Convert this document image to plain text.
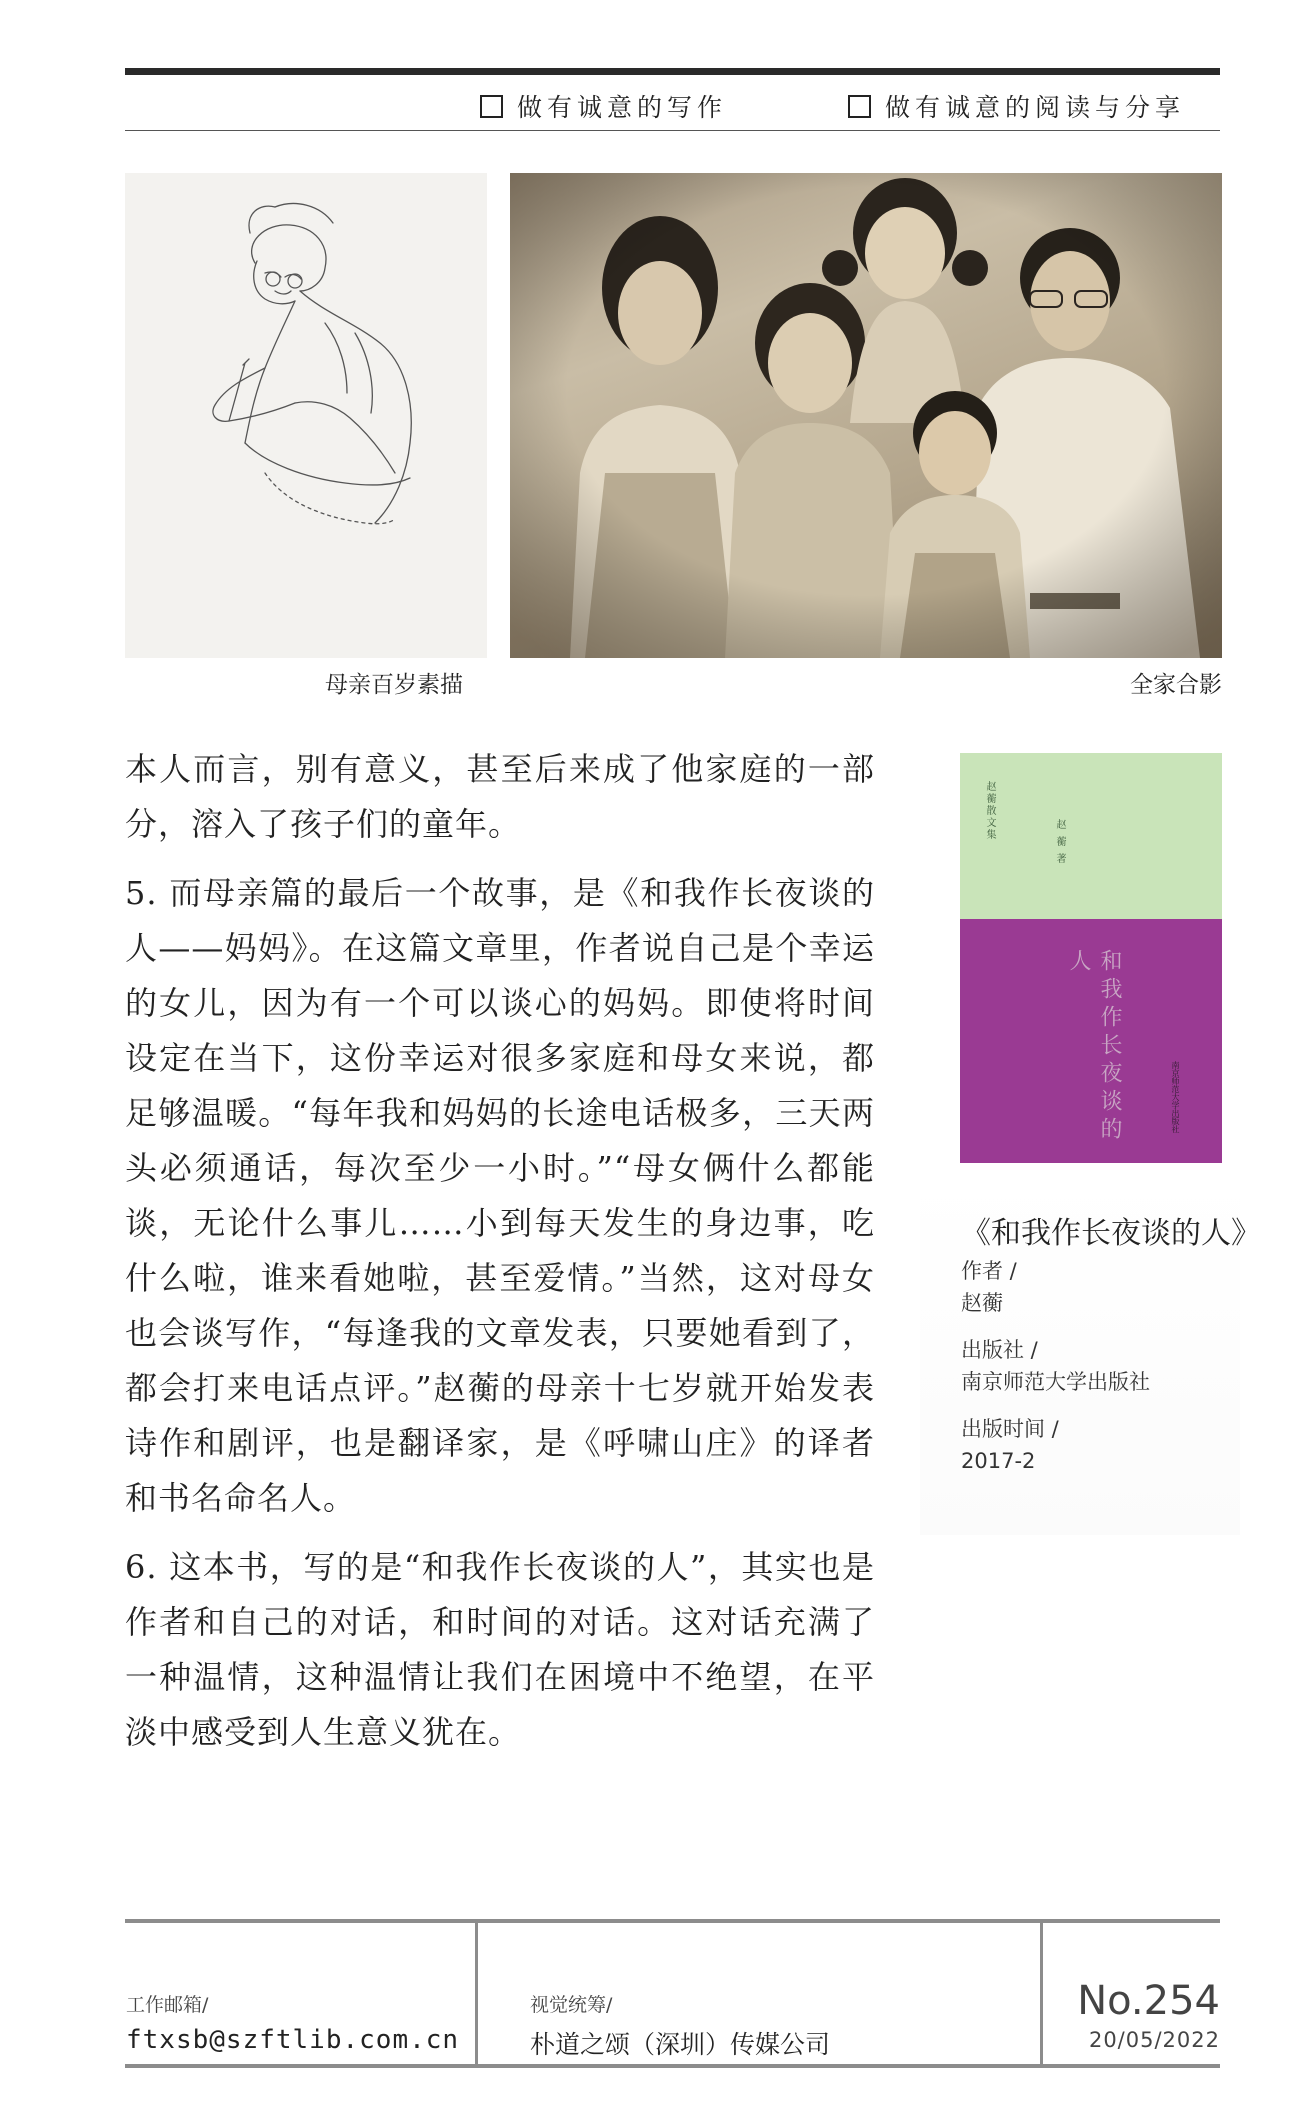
做有诚意的写作	做有诚意的阅读与分享
母亲百岁素描	全家合影

本人而言，别有意义，甚至后来成了他家庭的一部分，溶入了孩子们的童年。

5. 而母亲篇的最后一个故事，是《和我作长夜谈的人——妈妈》。在这篇文章里，作者说自己是个幸运的女儿，因为有一个可以谈心的妈妈。即使将时间设定在当下，这份幸运对很多家庭和母女来说，都足够温暖。“每年我和妈妈的长途电话极多，三天两头必须通话，每次至少一小时。”“母女俩什么都能谈，无论什么事儿……小到每天发生的身边事，吃什么啦，谁来看她啦，甚至爱情。”当然，这对母女也会谈写作，“每逢我的文章发表，只要她看到了，都会打来电话点评。”赵蘅的母亲十七岁就开始发表诗作和剧评，也是翻译家，是《呼啸山庄》的译者和书名命名人。

6. 这本书，写的是“和我作长夜谈的人”，其实也是作者和自己的对话，和时间的对话。这对话充满了一种温情，这种温情让我们在困境中不绝望，在平淡中感受到人生意义犹在。

赵蘅散文集
赵 蘅 著
和我作长夜谈的人
南京师范大学出版社
《和我作长夜谈的人》
作者 /
赵蘅
出版社 /
南京师范大学出版社
出版时间 /
2017-2
工作邮箱/
ftxsb@szftlib.com.cn
视觉统筹/
朴道之颂（深圳）传媒公司
No.254
20/05/2022
